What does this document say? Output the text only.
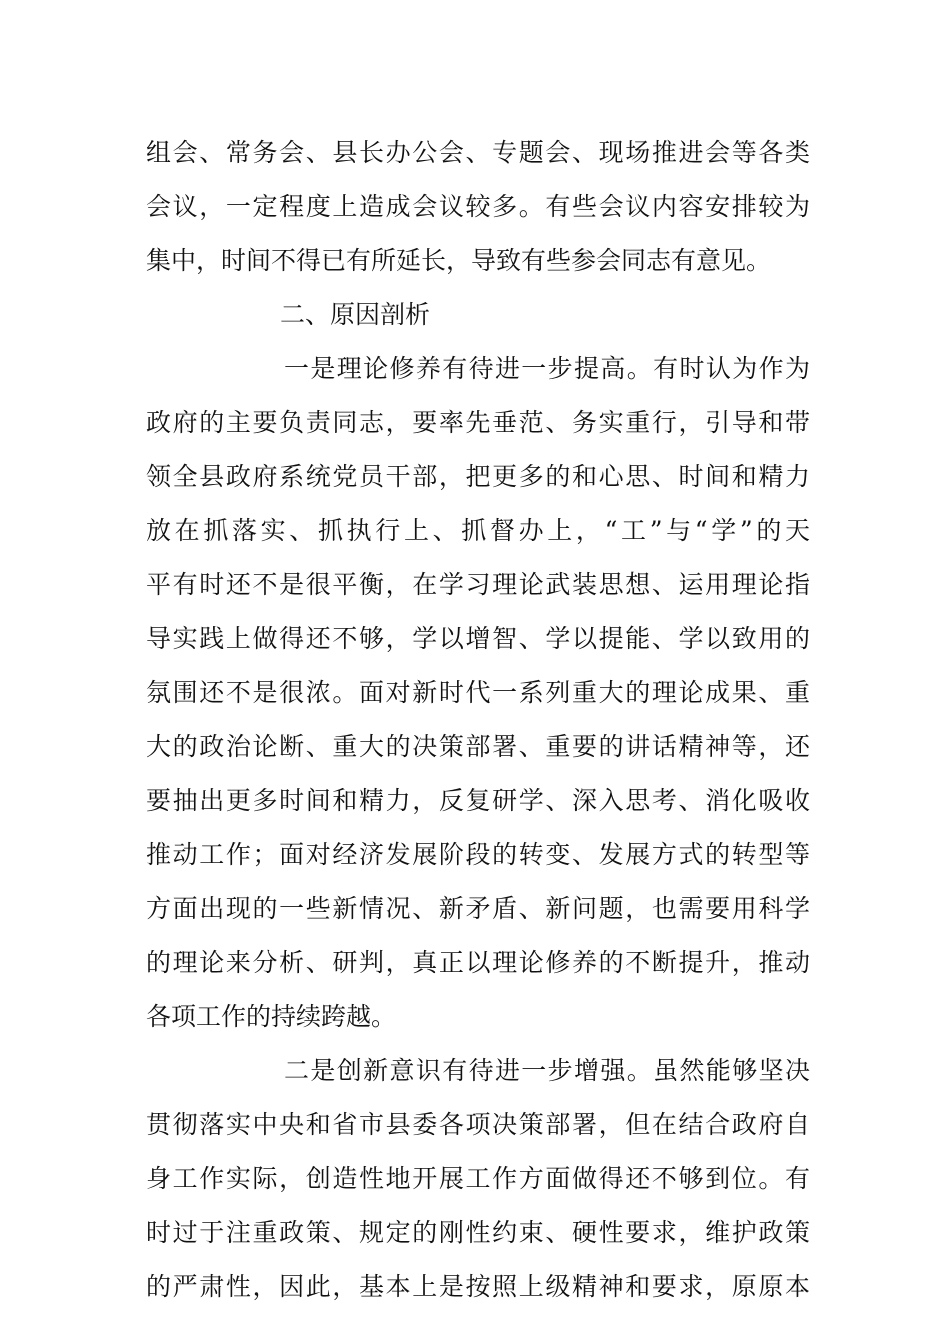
组会、常务会、县长办公会、专题会、现场推进会等各类
会议，一定程度上造成会议较多。有些会议内容安排较为
集中，时间不得已有所延长，导致有些参会同志有意见。
二、原因剖析
一是理论修养有待进一步提高。有时认为作为
政府的主要负责同志，要率先垂范、务实重行，引导和带
领全县政府系统党员干部，把更多的和心思、时间和精力
放在抓落实、抓执行上、抓督办上，“工”与“学”的天
平有时还不是很平衡，在学习理论武装思想、运用理论指
导实践上做得还不够，学以增智、学以提能、学以致用的
氛围还不是很浓。面对新时代一系列重大的理论成果、重
大的政治论断、重大的决策部署、重要的讲话精神等，还
要抽出更多时间和精力，反复研学、深入思考、消化吸收
推动工作；面对经济发展阶段的转变、发展方式的转型等
方面出现的一些新情况、新矛盾、新问题，也需要用科学
的理论来分析、研判，真正以理论修养的不断提升，推动
各项工作的持续跨越。
二是创新意识有待进一步增强。虽然能够坚决
贯彻落实中央和省市县委各项决策部署，但在结合政府自
身工作实际，创造性地开展工作方面做得还不够到位。有
时过于注重政策、规定的刚性约束、硬性要求，维护政策
的严肃性，因此，基本上是按照上级精神和要求，原原本
